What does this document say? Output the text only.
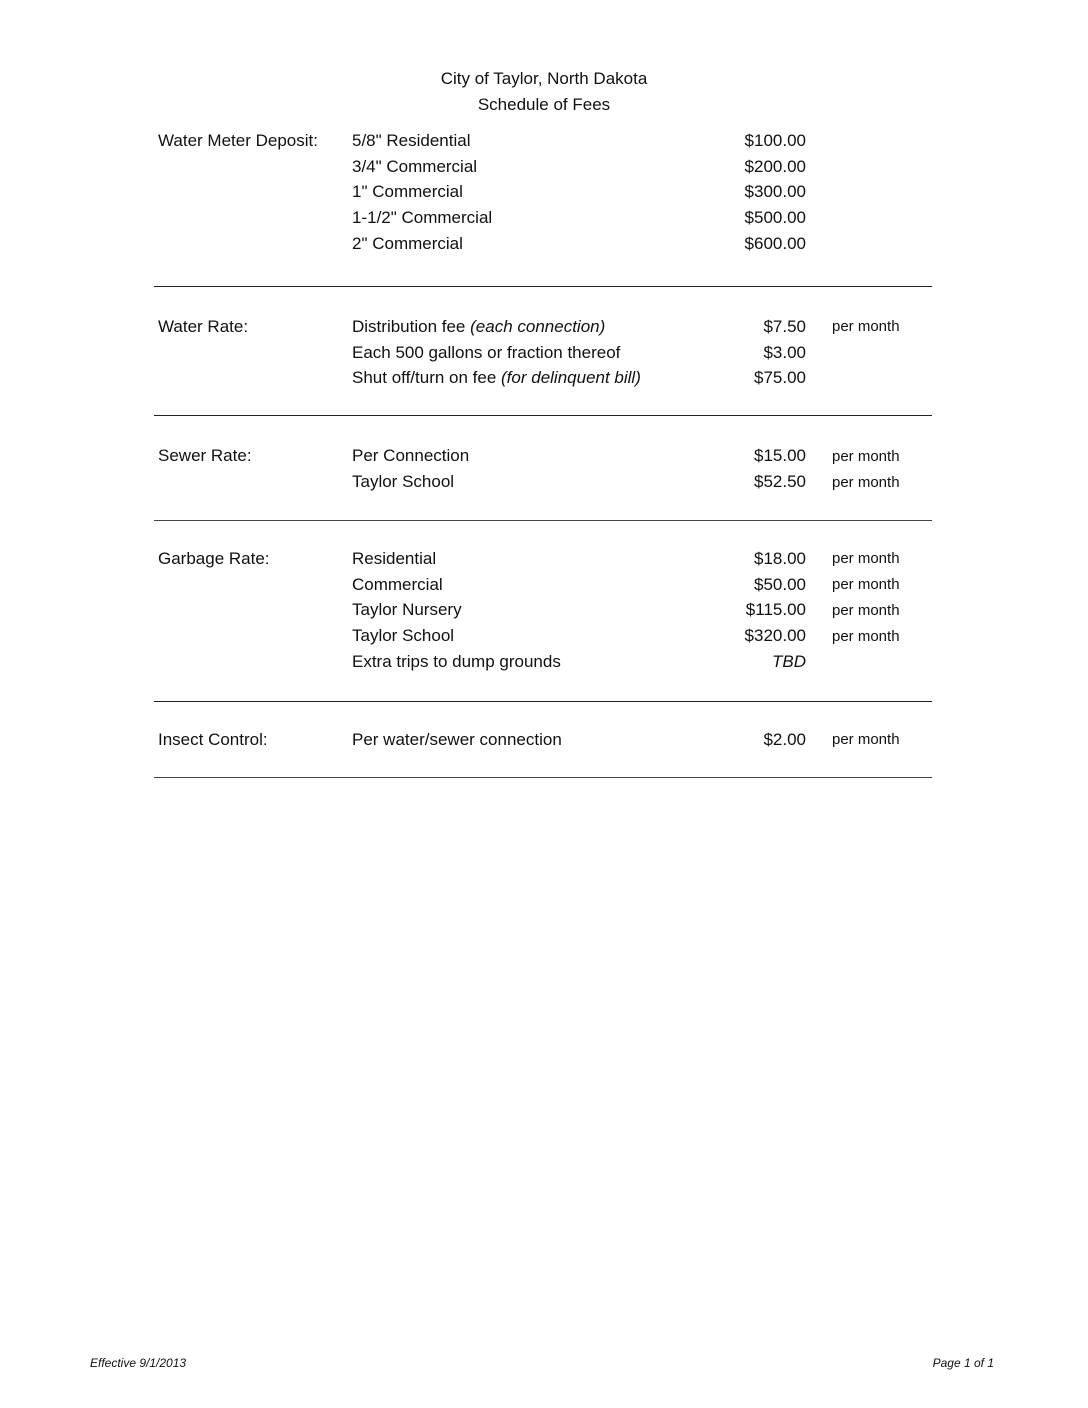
City of Taylor, North Dakota
Schedule of Fees
Water Meter Deposit:	5/8" Residential	$100.00
3/4" Commercial	$200.00
1" Commercial	$300.00
1-1/2" Commercial	$500.00
2" Commercial	$600.00
Water Rate:	Distribution fee (each connection)	$7.50	per month
Each 500 gallons or fraction thereof	$3.00
Shut off/turn on fee (for delinquent bill)	$75.00
Sewer Rate:	Per Connection	$15.00	per month
Taylor School	$52.50	per month
Garbage Rate:	Residential	$18.00	per month
Commercial	$50.00	per month
Taylor Nursery	$115.00	per month
Taylor School	$320.00	per month
Extra trips to dump grounds	TBD
Insect Control:	Per water/sewer connection	$2.00	per month
Effective 9/1/2013	Page 1 of 1
